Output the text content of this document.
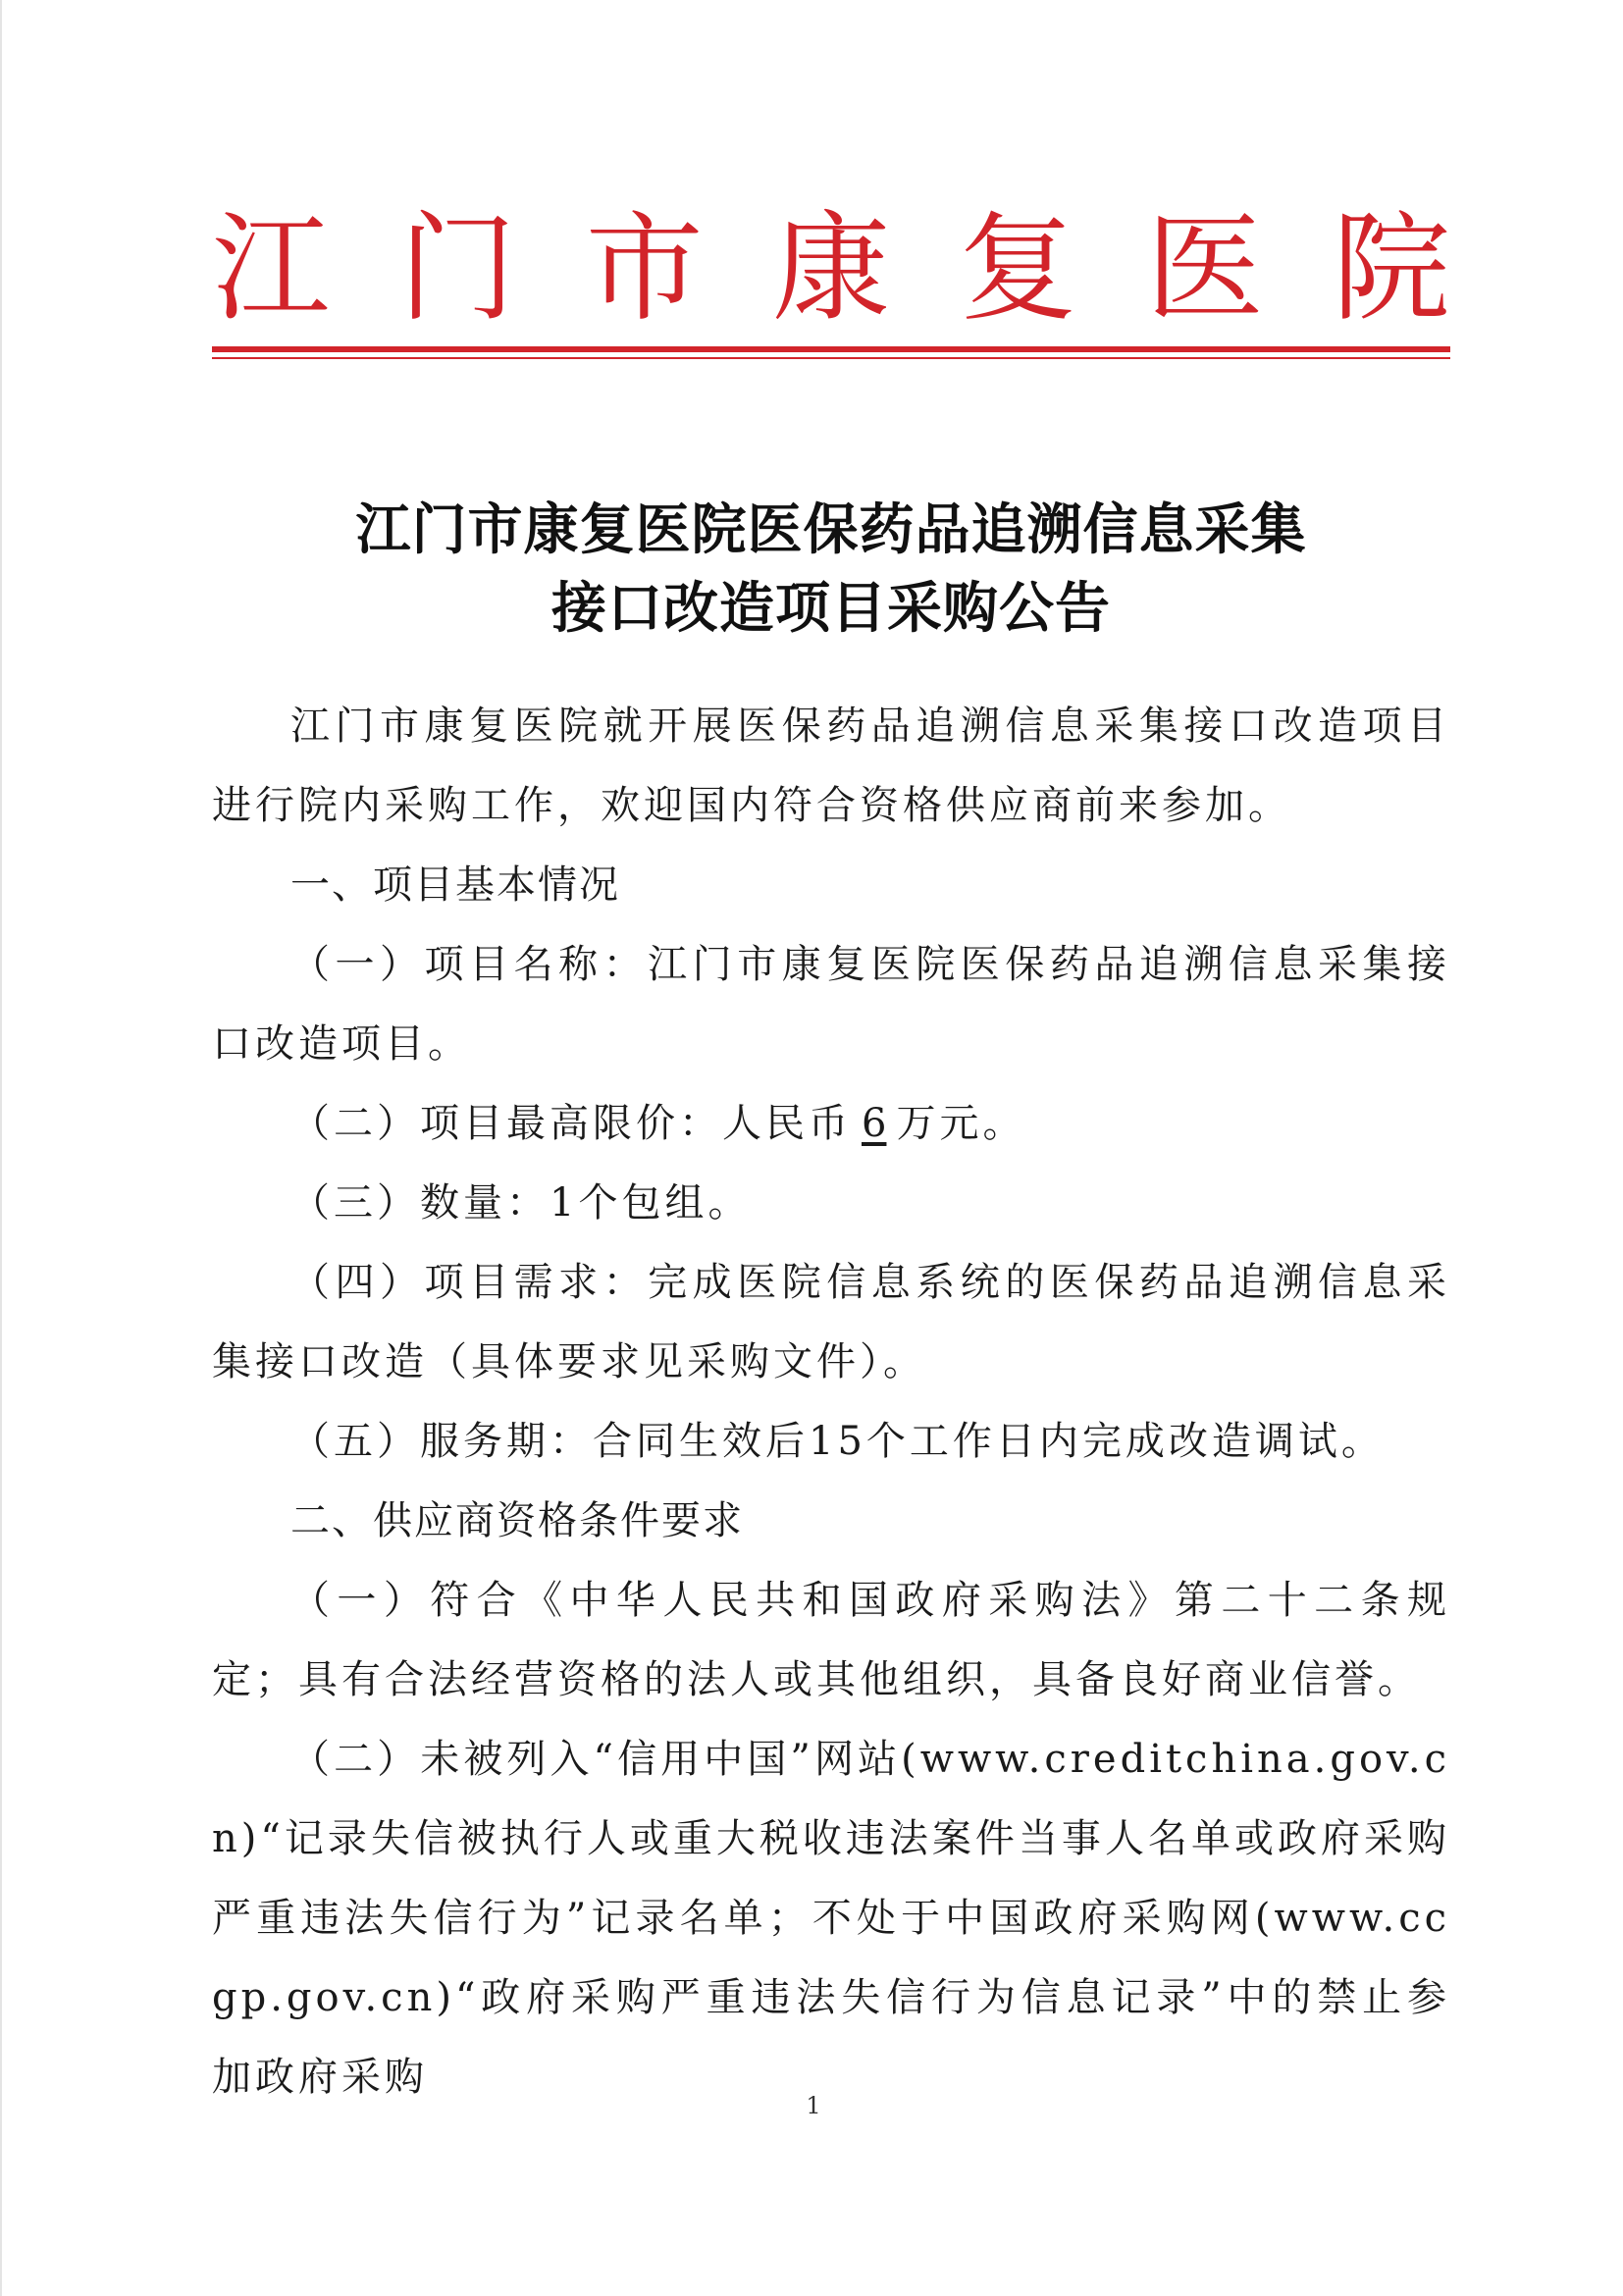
江 门 市 康 复 医 院
江门市康复医院医保药品追溯信息采集
接口改造项目采购公告

江门市康复医院就开展医保药品追溯信息采集接口改造项目进行院内采购工作，欢迎国内符合资格供应商前来参加。

一、项目基本情况

（一）项目名称：江门市康复医院医保药品追溯信息采集接口改造项目。

（二）项目最高限价：人民币 6 万元。

（三）数量：1个包组。

（四）项目需求：完成医院信息系统的医保药品追溯信息采集接口改造（具体要求见采购文件）。

（五）服务期：合同生效后15个工作日内完成改造调试。

二、供应商资格条件要求

（一）符合《中华人民共和国政府采购法》第二十二条规定；具有合法经营资格的法人或其他组织，具备良好商业信誉。

（二）未被列入“信用中国”网站(www.creditchina.gov.cn)“记录失信被执行人或重大税收违法案件当事人名单或政府采购严重违法失信行为”记录名单；不处于中国政府采购网(www.ccgp.gov.cn)“政府采购严重违法失信行为信息记录”中的禁止参加政府采购

1
